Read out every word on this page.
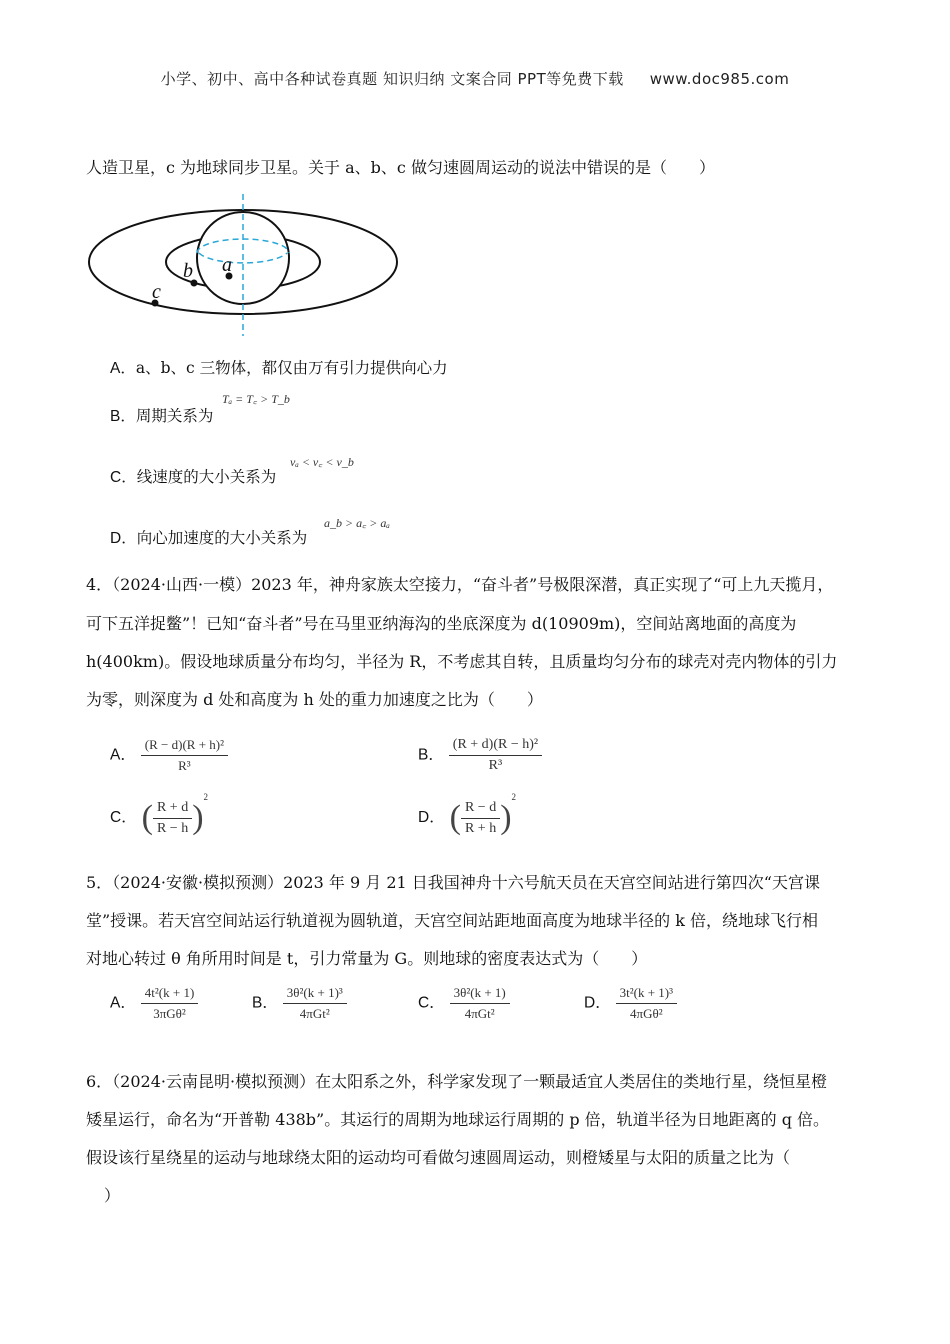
小学、初中、高中各种试卷真题 知识归纳 文案合同 PPT等免费下载 www.doc985.com
人造卫星，c 为地球同步卫星。关于 a、b、c 做匀速圆周运动的说法中错误的是（　　）
a
b
c
A．a、b、c 三物体，都仅由万有引力提供向心力
B．周期关系为
Tₐ = T꜀ > T_b
C．线速度的大小关系为
vₐ < v꜀ < v_b
D．向心加速度的大小关系为
a_b > a꜀ > aₐ
4．（2024·山西·一模）2023 年，神舟家族太空接力，“奋斗者”号极限深潜，真正实现了“可上九天揽月，
可下五洋捉鳖”！已知“奋斗者”号在马里亚纳海沟的坐底深度为 d(10909m)，空间站离地面的高度为
h(400km)。假设地球质量分布均匀，半径为 R，不考虑其自转，且质量均匀分布的球壳对壳内物体的引力
为零，则深度为 d 处和高度为 h 处的重力加速度之比为（　　）
A． $\frac{\text{(R − d)(R + h)²}}{\text{R³}}$	B． $\frac{\text{(R + d)(R − h)²}}{\text{R³}}$
C． ( $\frac{R + d}{R - h} )^2$
D． ( $\frac{R - d}{R + h} )^2$
5．（2024·安徽·模拟预测）2023 年 9 月 21 日我国神舟十六号航天员在天宫空间站进行第四次“天宫课
堂”授课。若天宫空间站运行轨道视为圆轨道，天宫空间站距地面高度为地球半径的 k 倍，绕地球飞行相
对地心转过 θ 角所用时间是 t，引力常量为 G。则地球的密度表达式为（　　）
A． $\frac{\text{4t²(k + 1)}}{\text{3πGθ²}}$	B． $\frac{\text{3θ²(k + 1)³}}{\text{4πGt²}}$	C． $\frac{\text{3θ²(k + 1)}}{\text{4πGt²}}$	D． $\frac{\text{3t²(k + 1)³}}{\text{4πGθ²}}$
6．（2024·云南昆明·模拟预测）在太阳系之外，科学家发现了一颗最适宜人类居住的类地行星，绕恒星橙
矮星运行，命名为“开普勒 438b”。其运行的周期为地球运行周期的 p 倍，轨道半径为日地距离的 q 倍。
假设该行星绕星的运动与地球绕太阳的运动均可看做匀速圆周运动，则橙矮星与太阳的质量之比为（
）
